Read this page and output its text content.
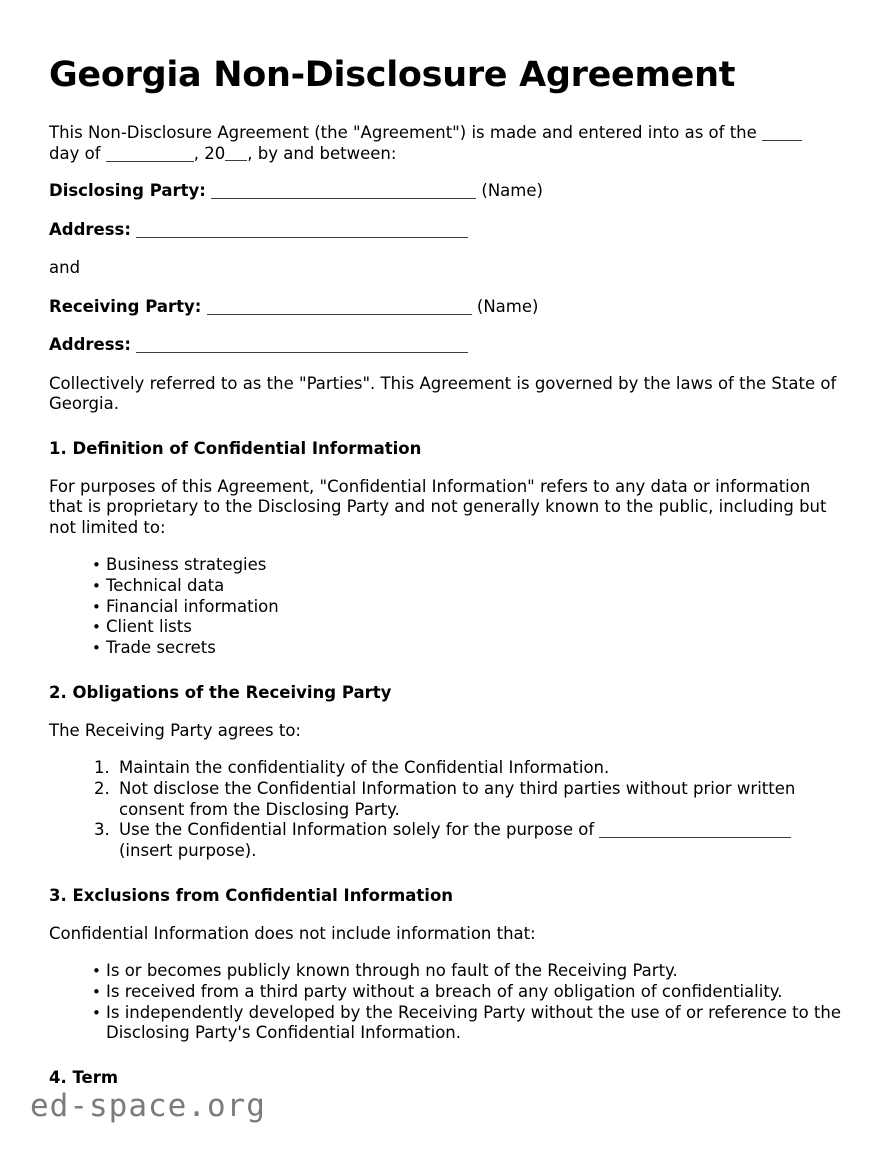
Georgia Non-Disclosure Agreement

This Non-Disclosure Agreement (the "Agreement") is made and entered into as of the
day of	, 20 , by and between:

Disclosing Party:	(Name)

Address:

and

Receiving Party:	(Name)

Address:

Collectively referred to as the "Parties". This Agreement is governed by the laws of the State of Georgia.

1. Definition of Confidential Information

For purposes of this Agreement, "Confidential Information" refers to any data or information that is proprietary to the Disclosing Party and not generally known to the public, including but not limited to:

• Business strategies
• Technical data
• Financial information
• Client lists
• Trade secrets
2. Obligations of the Receiving Party

The Receiving Party agrees to:

Maintain the confidentiality of the Confidential Information.
Not disclose the Confidential Information to any third parties without prior written consent from the Disclosing Party.
Use the Confidential Information solely for the purpose of  (insert purpose).
3. Exclusions from Confidential Information

Confidential Information does not include information that:

• Is or becomes publicly known through no fault of the Receiving Party.
• Is received from a third party without a breach of any obligation of confidentiality.
• Is independently developed by the Receiving Party without the use of or reference to the Disclosing Party's Confidential Information.
4. Term
ed-space.org
